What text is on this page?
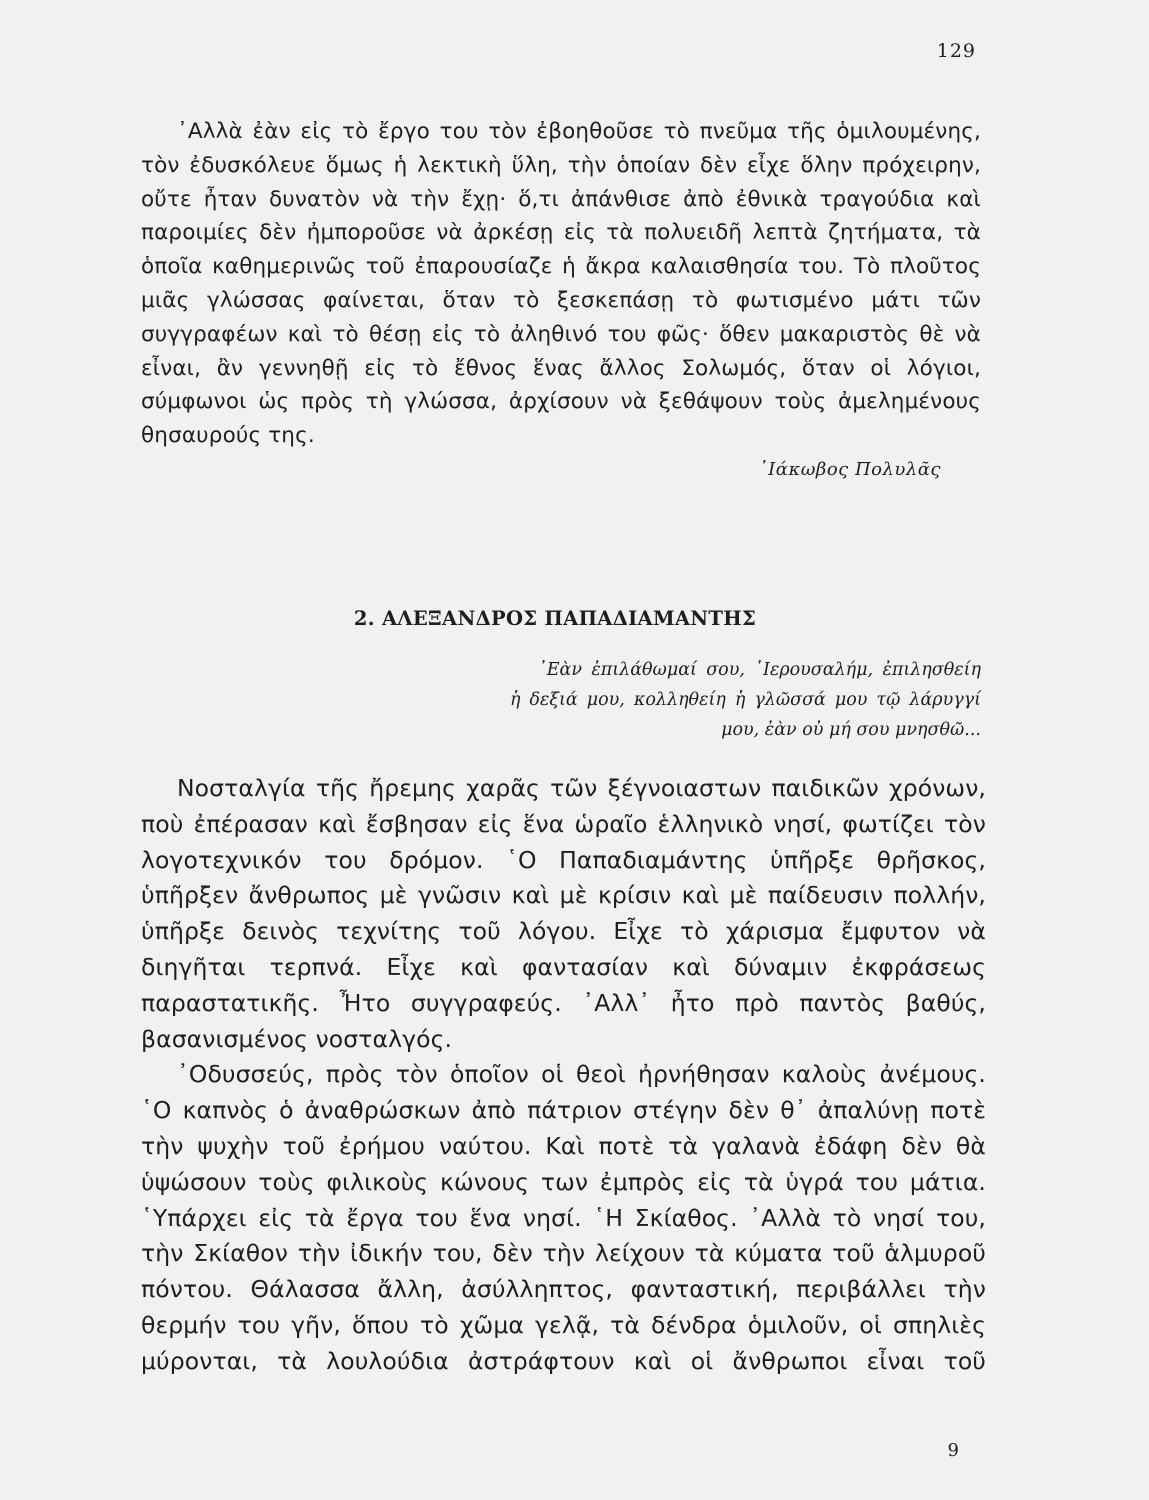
129

᾿Αλλὰ ἐὰν εἰς τὸ ἔργο του τὸν ἐβοηθοῦσε τὸ πνεῦμα τῆς ὁμιλουμένης, τὸν ἐδυσκόλευε ὅμως ἡ λεκτικὴ ὕλη, τὴν ὁποίαν δὲν εἶχε ὅλην πρόχειρην, οὔτε ἦταν δυνατὸν νὰ τὴν ἔχῃ· ὅ,τι ἀπάνθισε ἀπὸ ἐθνικὰ τραγούδια καὶ παροιμίες δὲν ἠμποροῦσε νὰ ἀρκέσῃ εἰς τὰ πολυειδῆ λεπτὰ ζητήματα, τὰ ὁποῖα καθημερινῶς τοῦ ἐπαρουσίαζε ἡ ἄκρα καλαισθησία του. Τὸ πλοῦτος μιᾶς γλώσσας φαίνεται, ὅταν τὸ ξεσκεπάσῃ τὸ φωτισμένο μάτι τῶν συγγραφέων καὶ τὸ θέσῃ εἰς τὸ ἀληθινό του φῶς· ὅθεν μακαριστὸς θὲ νὰ εἶναι, ἂν γεννηθῇ εἰς τὸ ἔθνος ἕνας ἄλλος Σολωμός, ὅταν οἱ λόγιοι, σύμφωνοι ὡς πρὸς τὴ γλώσσα, ἀρχίσουν νὰ ξεθάψουν τοὺς ἀμελημένους θησαυρούς της.

᾿Ιάκωβος Πολυλᾶς

2. ΑΛΕΞΑΝΔΡΟΣ ΠΑΠΑΔΙΑΜΑΝΤΗΣ

᾿Εὰν ἐπιλάθωμαί σου, ῾Ιερουσαλήμ, ἐπιλησθείη ἡ δεξιά μου, κολληθείη ἡ γλῶσσά μου τῷ λάρυγγί μου, ἐὰν οὐ μή σου μνησθῶ...

Νοσταλγία τῆς ἤρεμης χαρᾶς τῶν ξέγνοιαστων παιδικῶν χρόνων, ποὺ ἐπέρασαν καὶ ἔσβησαν εἰς ἕνα ὡραῖο ἑλληνικὸ νησί, φωτίζει τὸν λογοτεχνικόν του δρόμον. ῾Ο Παπαδιαμάντης ὑπῆρξε θρῆσκος, ὑπῆρξεν ἄνθρωπος μὲ γνῶσιν καὶ μὲ κρίσιν καὶ μὲ παίδευσιν πολλήν, ὑπῆρξε δεινὸς τεχνίτης τοῦ λόγου. Εἶχε τὸ χάρισμα ἔμφυτον νὰ διηγῆται τερπνά. Εἶχε καὶ φαντασίαν καὶ δύναμιν ἐκφράσεως παραστατικῆς. Ἦτο συγγραφεύς. ᾿Αλλ᾿ ἦτο πρὸ παντὸς βαθύς, βασανισμένος νοσταλγός.

᾿Οδυσσεύς, πρὸς τὸν ὁποῖον οἱ θεοὶ ἠρνήθησαν καλοὺς ἀνέμους. ῾Ο καπνὸς ὁ ἀναθρώσκων ἀπὸ πάτριον στέγην δὲν θ᾿ ἀπαλύνῃ ποτὲ τὴν ψυχὴν τοῦ ἐρήμου ναύτου. Καὶ ποτὲ τὰ γαλανὰ ἐδάφη δὲν θὰ ὑψώσουν τοὺς φιλικοὺς κώνους των ἐμπρὸς εἰς τὰ ὑγρά του μάτια. ῾Υπάρχει εἰς τὰ ἔργα του ἕνα νησί. ῾Η Σκίαθος. ᾿Αλλὰ τὸ νησί του, τὴν Σκίαθον τὴν ἰδικήν του, δὲν τὴν λείχουν τὰ κύματα τοῦ ἁλμυροῦ πόντου. Θάλασσα ἄλλη, ἀσύλληπτος, φανταστική, περιβάλλει τὴν θερμήν του γῆν, ὅπου τὸ χῶμα γελᾷ, τὰ δένδρα ὁμιλοῦν, οἱ σπηλιὲς μύρονται, τὰ λουλούδια ἀστράφτουν καὶ οἱ ἄνθρωποι εἶναι τοῦ

9
